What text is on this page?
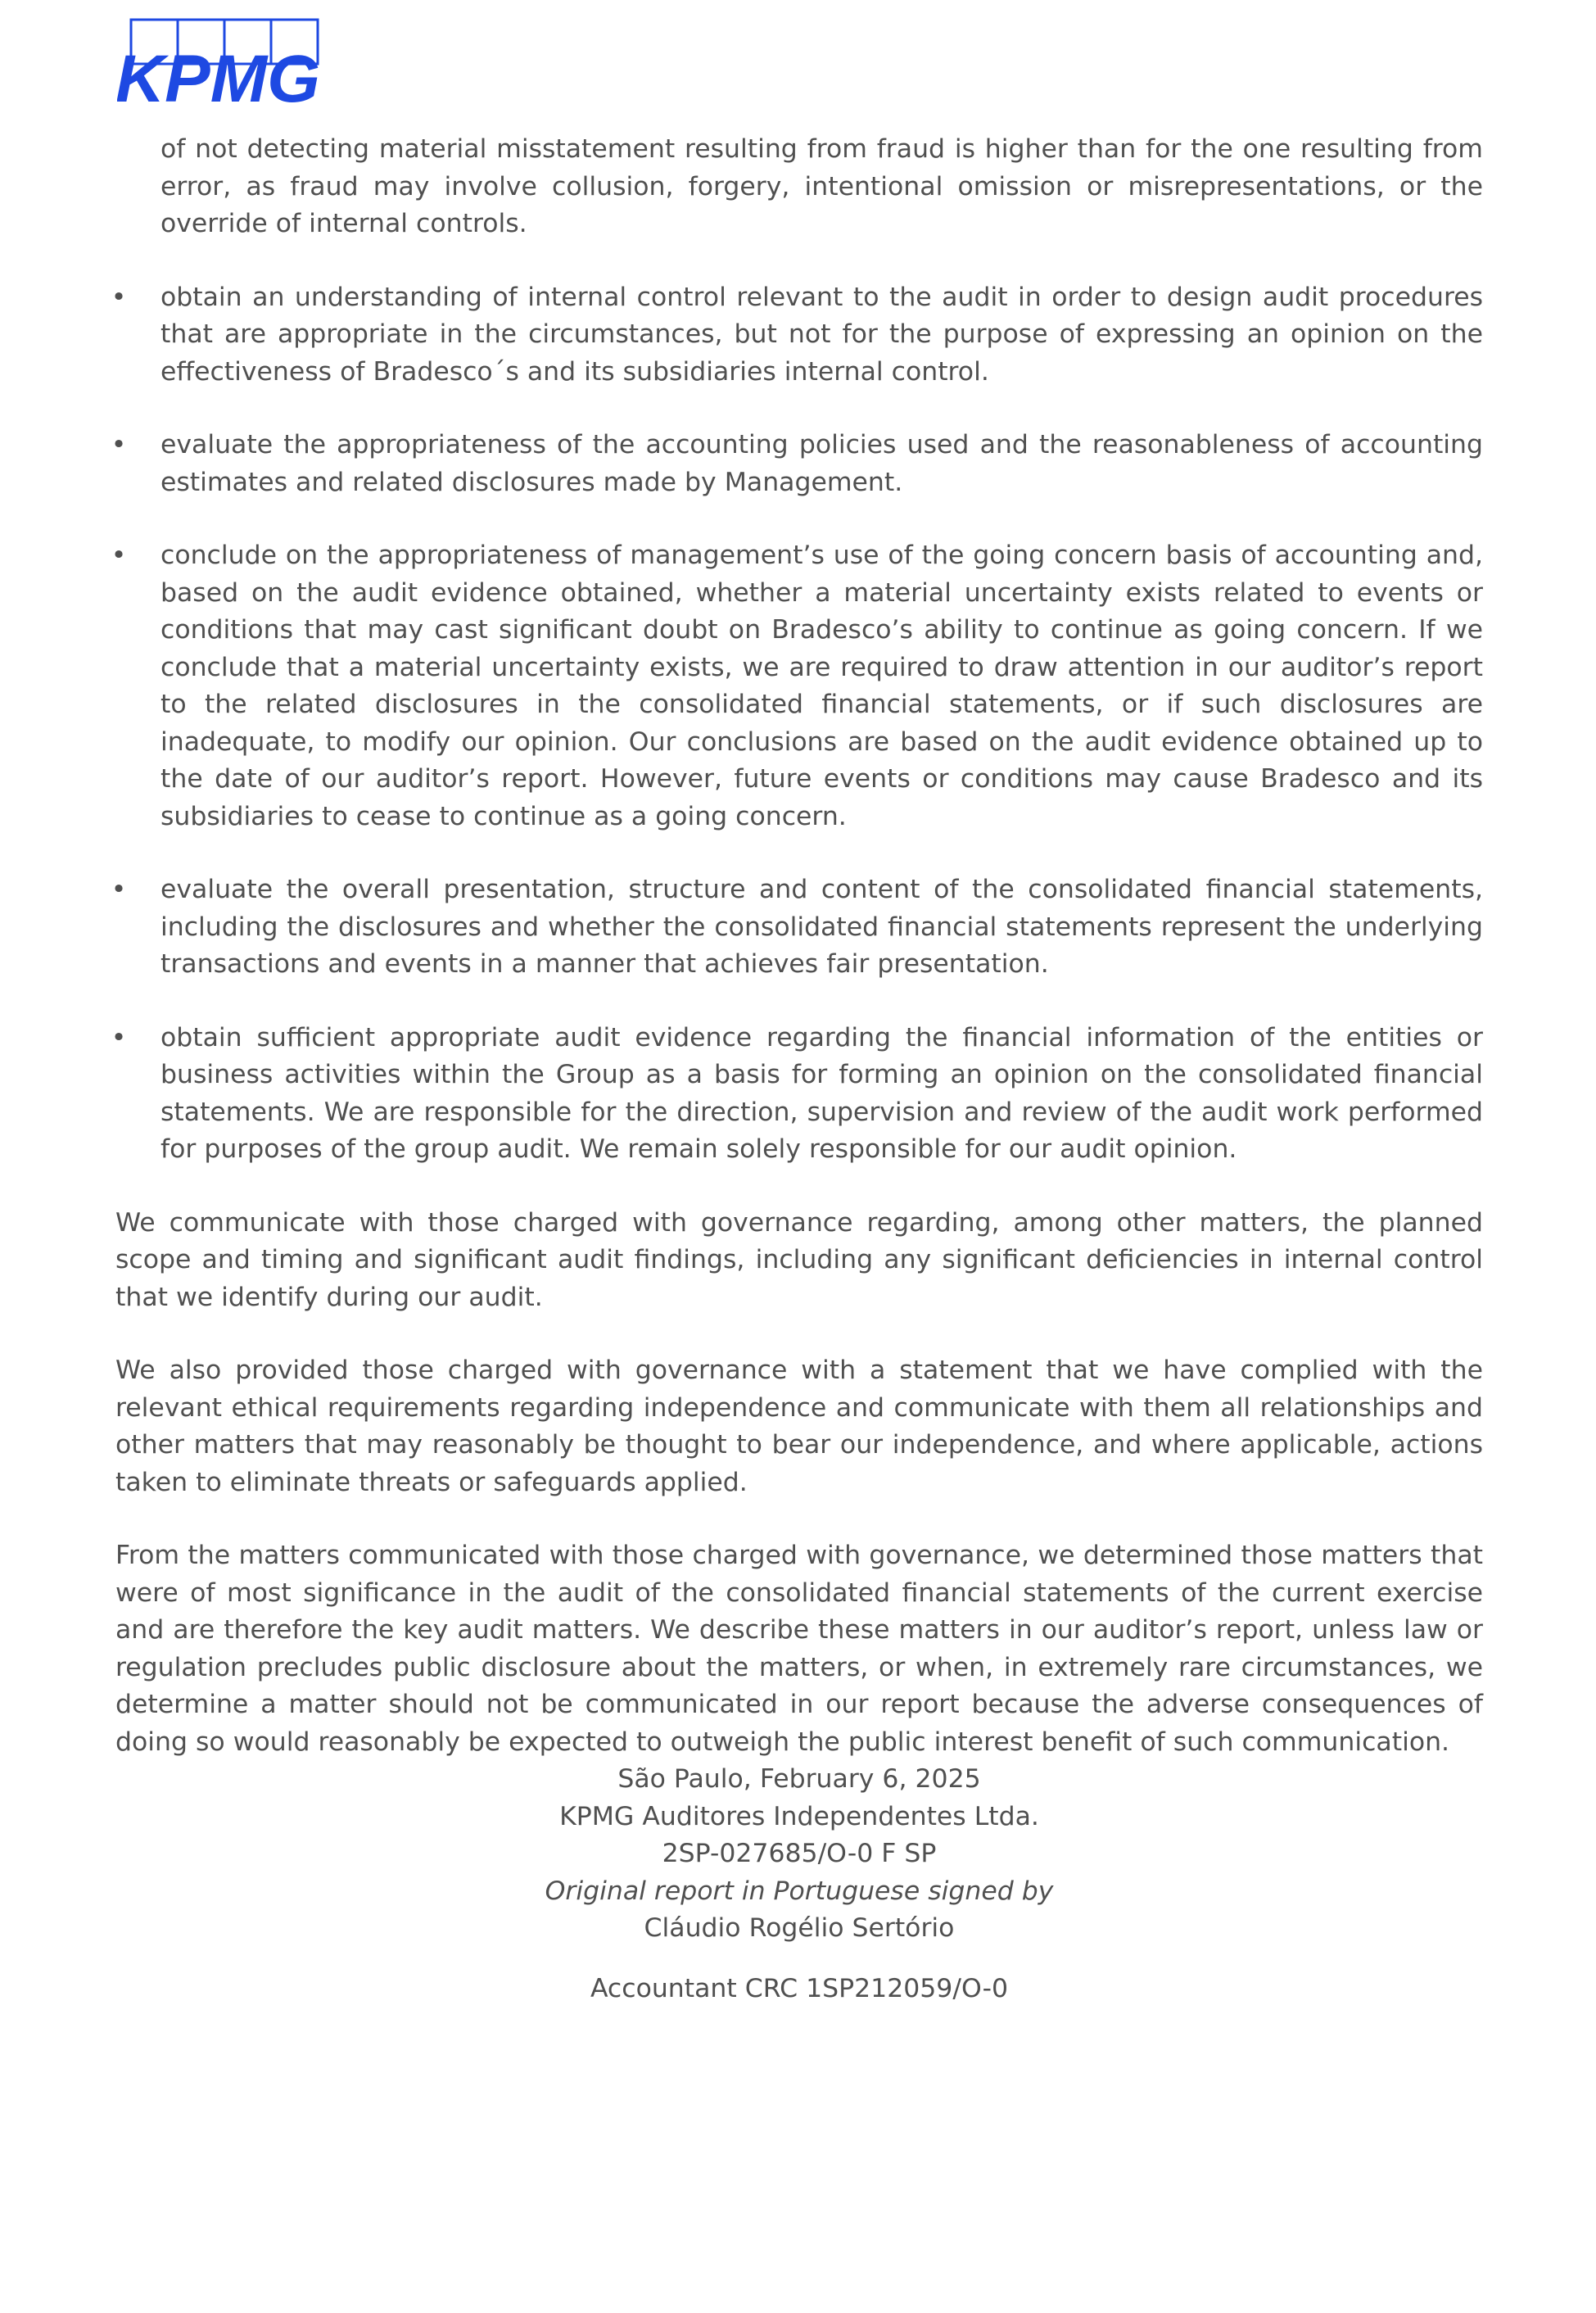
KPMG

of not detecting material misstatement resulting from fraud is higher than for the one resulting from error, as fraud may involve collusion, forgery, intentional omission or misrepresentations, or the override of internal controls.

• obtain an understanding of internal control relevant to the audit in order to design audit procedures that are appropriate in the circumstances, but not for the purpose of expressing an opinion on the effectiveness of Bradesco´s and its subsidiaries internal control.
• evaluate the appropriateness of the accounting policies used and the reasonableness of accounting estimates and related disclosures made by Management.
• conclude on the appropriateness of management’s use of the going concern basis of accounting and, based on the audit evidence obtained, whether a material uncertainty exists related to events or conditions that may cast significant doubt on Bradesco’s ability to continue as going concern. If we conclude that a material uncertainty exists, we are required to draw attention in our auditor’s report to the related disclosures in the consolidated financial statements, or if such disclosures are inadequate, to modify our opinion. Our conclusions are based on the audit evidence obtained up to the date of our auditor’s report. However, future events or conditions may cause Bradesco and its subsidiaries to cease to continue as a going concern.
• evaluate the overall presentation, structure and content of the consolidated financial statements, including the disclosures and whether the consolidated financial statements represent the underlying transactions and events in a manner that achieves fair presentation.
• obtain sufficient appropriate audit evidence regarding the financial information of the entities or business activities within the Group as a basis for forming an opinion on the consolidated financial statements. We are responsible for the direction, supervision and review of the audit work performed for purposes of the group audit. We remain solely responsible for our audit opinion.

We communicate with those charged with governance regarding, among other matters, the planned scope and timing and significant audit findings, including any significant deficiencies in internal control that we identify during our audit.

We also provided those charged with governance with a statement that we have complied with the relevant ethical requirements regarding independence and communicate with them all relationships and other matters that may reasonably be thought to bear our independence, and where applicable, actions taken to eliminate threats or safeguards applied.

From the matters communicated with those charged with governance, we determined those matters that were of most significance in the audit of the consolidated financial statements of the current exercise and are therefore the key audit matters. We describe these matters in our auditor’s report, unless law or regulation precludes public disclosure about the matters, or when, in extremely rare circumstances, we determine a matter should not be communicated in our report because the adverse consequences of doing so would reasonably be expected to outweigh the public interest benefit of such communication.

São Paulo, February 6, 2025

KPMG Auditores Independentes Ltda.

2SP-027685/O-0 F SP

Original report in Portuguese signed by

Cláudio Rogélio Sertório

Accountant CRC 1SP212059/O-0
